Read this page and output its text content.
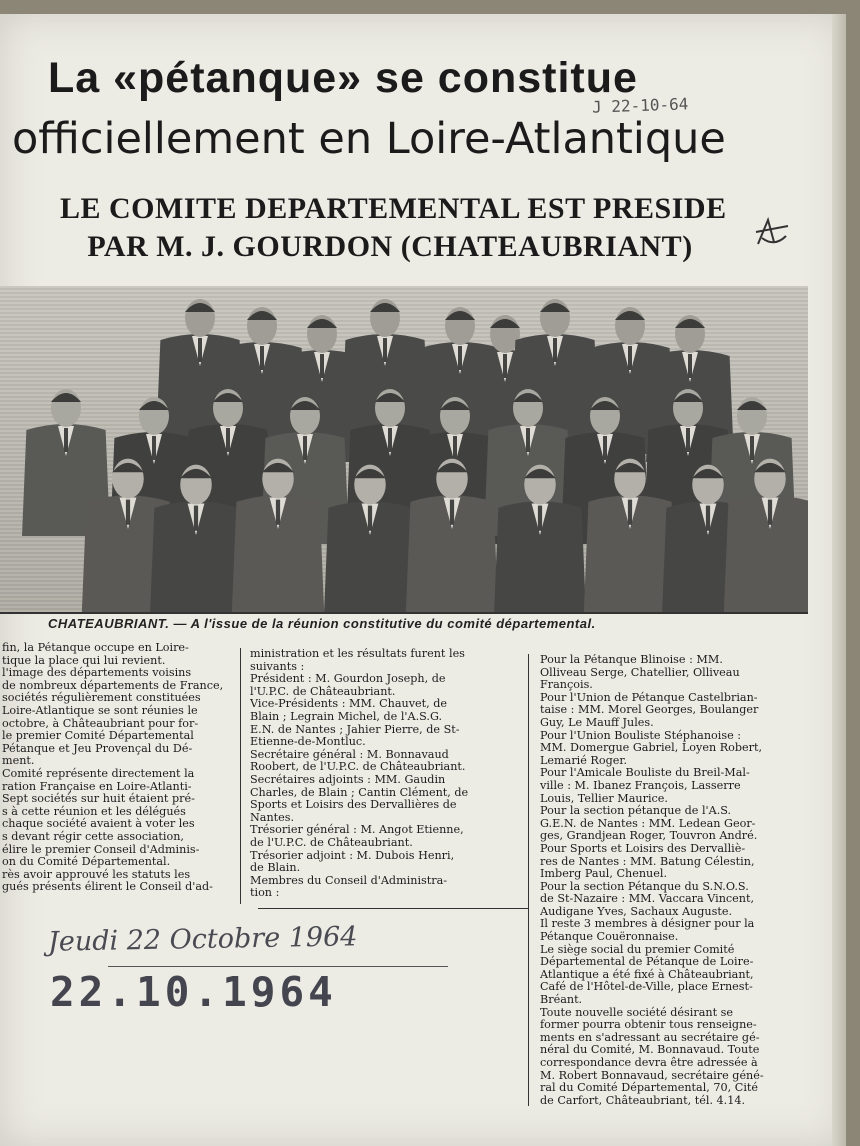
La «pétanque» se constitue
officiellement en Loire-Atlantique
J 22-10-64
LE COMITE DEPARTEMENTAL EST PRESIDE
PAR M. J. GOURDON (CHATEAUBRIANT)
CHATEAUBRIANT. — A l'issue de la réunion constitutive du comité départemental.

fin, la Pétanque occupe en Loire-

tique la place qui lui revient.

l'image des départements voisins

de nombreux départements de France,

sociétés régulièrement constituées

Loire-Atlantique se sont réunies le

octobre, à Châteaubriant pour for-

le premier Comité Départemental

Pétanque et Jeu Provençal du Dé-

ment.

Comité représente directement la

ration Française en Loire-Atlanti-

Sept sociétés sur huit étaient pré-

s à cette réunion et les délégués

chaque société avaient à voter les

s devant régir cette association,

élire le premier Conseil d'Adminis-

on du Comité Départemental.

rès avoir approuvé les statuts les

gués présents élirent le Conseil d'ad-

ministration et les résultats furent les

suivants :

Président : M. Gourdon Joseph, de

l'U.P.C. de Châteaubriant.

Vice-Présidents : MM. Chauvet, de

Blain ; Legrain Michel, de l'A.S.G.

E.N. de Nantes ; Jahier Pierre, de St-

Etienne-de-Montluc.

Secrétaire général : M. Bonnavaud

Roobert, de l'U.P.C. de Châteaubriant.

Secrétaires adjoints : MM. Gaudin

Charles, de Blain ; Cantin Clément, de

Sports et Loisirs des Dervallières de

Nantes.

Trésorier général : M. Angot Etienne,

de l'U.P.C. de Châteaubriant.

Trésorier adjoint : M. Dubois Henri,

de Blain.

Membres du Conseil d'Administra-

tion :

Pour la Pétanque Blinoise : MM.

Olliveau Serge, Chatellier, Olliveau

François.

Pour l'Union de Pétanque Castelbrian-

taise : MM. Morel Georges, Boulanger

Guy, Le Mauff Jules.

Pour l'Union Bouliste Stéphanoise :

MM. Domergue Gabriel, Loyen Robert,

Lemarié Roger.

Pour l'Amicale Bouliste du Breil-Mal-

ville : M. Ibanez François, Lasserre

Louis, Tellier Maurice.

Pour la section pétanque de l'A.S.

G.E.N. de Nantes : MM. Ledean Geor-

ges, Grandjean Roger, Touvron André.

Pour Sports et Loisirs des Dervalliè-

res de Nantes : MM. Batung Célestin,

Imberg Paul, Chenuel.

Pour la section Pétanque du S.N.O.S.

de St-Nazaire : MM. Vaccara Vincent,

Audigane Yves, Sachaux Auguste.

Il reste 3 membres à désigner pour la

Pétanque Couëronnaise.

Le siège social du premier Comité

Départemental de Pétanque de Loire-

Atlantique a été fixé à Châteaubriant,

Café de l'Hôtel-de-Ville, place Ernest-

Bréant.

Toute nouvelle société désirant se

former pourra obtenir tous renseigne-

ments en s'adressant au secrétaire gé-

néral du Comité, M. Bonnavaud. Toute

correspondance devra être adressée à

M. Robert Bonnavaud, secrétaire géné-

ral du Comité Départemental, 70, Cité

de Carfort, Châteaubriant, tél. 4.14.

Jeudi 22 Octobre 1964
22.10.1964
